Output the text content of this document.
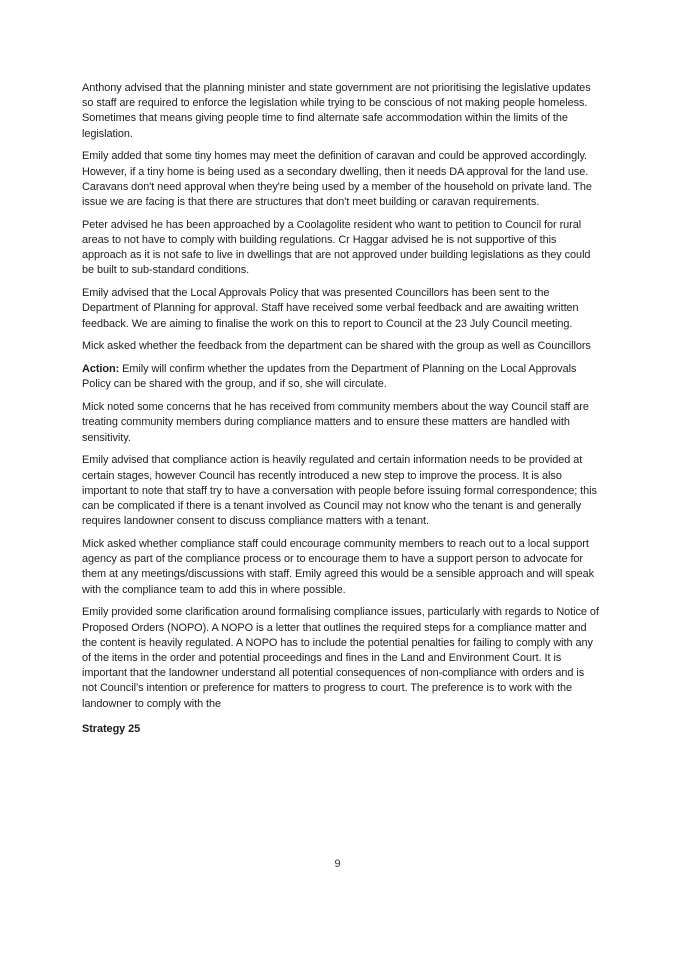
Anthony advised that the planning minister and state government are not prioritising the legislative updates so staff are required to enforce the legislation while trying to be conscious of not making people homeless. Sometimes that means giving people time to find alternate safe accommodation within the limits of the legislation.

Emily added that some tiny homes may meet the definition of caravan and could be approved accordingly. However, if a tiny home is being used as a secondary dwelling, then it needs DA approval for the land use. Caravans don't need approval when they're being used by a member of the household on private land. The issue we are facing is that there are structures that don't meet building or caravan requirements.

Peter advised he has been approached by a Coolagolite resident who want to petition to Council for rural areas to not have to comply with building regulations. Cr Haggar advised he is not supportive of this approach as it is not safe to live in dwellings that are not approved under building legislations as they could be built to sub-standard conditions.

Emily advised that the Local Approvals Policy that was presented Councillors has been sent to the Department of Planning for approval. Staff have received some verbal feedback and are awaiting written feedback. We are aiming to finalise the work on this to report to Council at the 23 July Council meeting.

Mick asked whether the feedback from the department can be shared with the group as well as Councillors

Action: Emily will confirm whether the updates from the Department of Planning on the Local Approvals Policy can be shared with the group, and if so, she will circulate.

Mick noted some concerns that he has received from community members about the way Council staff are treating community members during compliance matters and to ensure these matters are handled with sensitivity.

Emily advised that compliance action is heavily regulated and certain information needs to be provided at certain stages, however Council has recently introduced a new step to improve the process. It is also important to note that staff try to have a conversation with people before issuing formal correspondence; this can be complicated if there is a tenant involved as Council may not know who the tenant is and generally requires landowner consent to discuss compliance matters with a tenant.

Mick asked whether compliance staff could encourage community members to reach out to a local support agency as part of the compliance process or to encourage them to have a support person to advocate for them at any meetings/discussions with staff. Emily agreed this would be a sensible approach and will speak with the compliance team to add this in where possible.

Emily provided some clarification around formalising compliance issues, particularly with regards to Notice of Proposed Orders (NOPO). A NOPO is a letter that outlines the required steps for a compliance matter and the content is heavily regulated. A NOPO has to include the potential penalties for failing to comply with any of the items in the order and potential proceedings and fines in the Land and Environment Court. It is important that the landowner understand all potential consequences of non-compliance with orders and is not Council’s intention or preference for matters to progress to court. The preference is to work with the landowner to comply with the

Strategy 25

9
